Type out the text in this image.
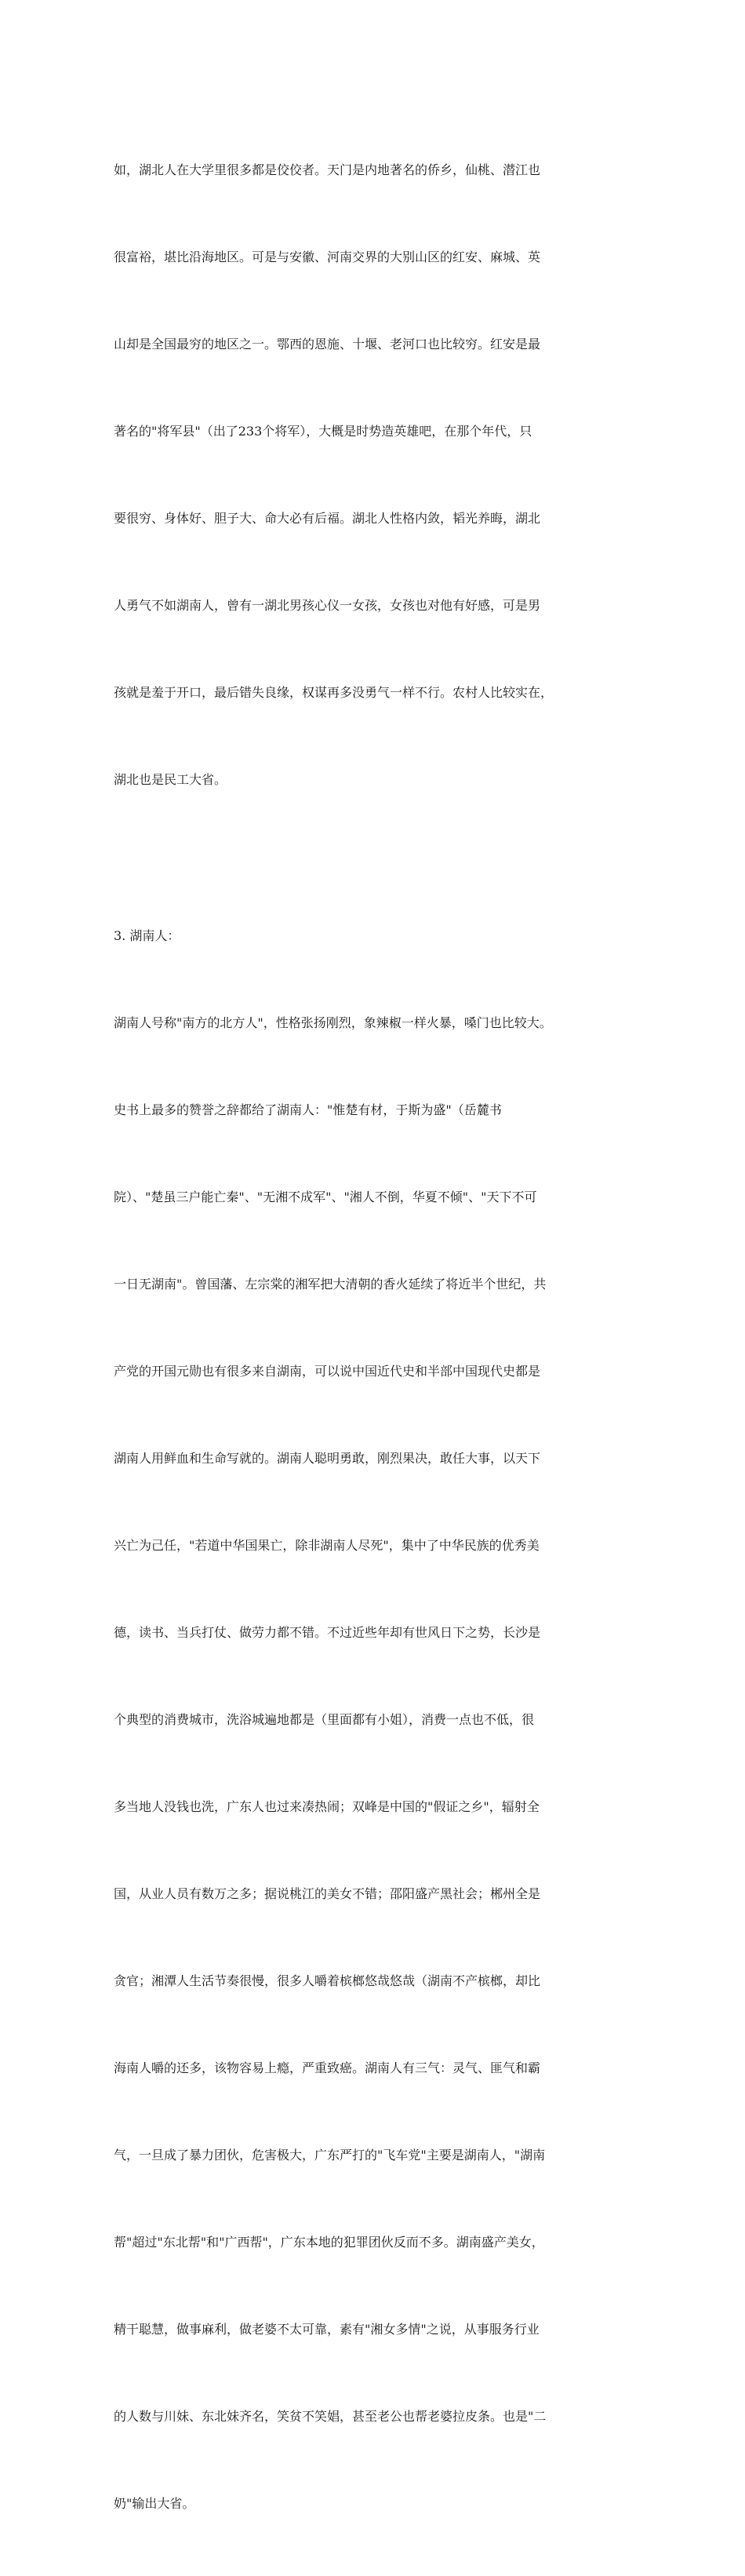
如，湖北人在大学里很多都是佼佼者。天门是内地著名的侨乡，仙桃、潜江也

很富裕，堪比沿海地区。可是与安徽、河南交界的大别山区的红安、麻城、英

山却是全国最穷的地区之一。鄂西的恩施、十堰、老河口也比较穷。红安是最

著名的"将军县"（出了233个将军），大概是时势造英雄吧，在那个年代，只

要很穷、身体好、胆子大、命大必有后福。湖北人性格内敛，韬光养晦，湖北

人勇气不如湖南人，曾有一湖北男孩心仪一女孩，女孩也对他有好感，可是男

孩就是羞于开口，最后错失良缘，权谋再多没勇气一样不行。农村人比较实在，

湖北也是民工大省。

3. 湖南人：

湖南人号称"南方的北方人"，性格张扬刚烈，象辣椒一样火暴，嗓门也比较大。

史书上最多的赞誉之辞都给了湖南人："惟楚有材，于斯为盛"（岳麓书

院）、"楚虽三户能亡秦"、"无湘不成军"、"湘人不倒，华夏不倾"、"天下不可

一日无湖南"。曾国藩、左宗棠的湘军把大清朝的香火延续了将近半个世纪，共

产党的开国元勋也有很多来自湖南，可以说中国近代史和半部中国现代史都是

湖南人用鲜血和生命写就的。湖南人聪明勇敢，刚烈果决，敢任大事，以天下

兴亡为己任，"若道中华国果亡，除非湖南人尽死"，集中了中华民族的优秀美

德，读书、当兵打仗、做劳力都不错。不过近些年却有世风日下之势，长沙是

个典型的消费城市，洗浴城遍地都是（里面都有小姐），消费一点也不低，很

多当地人没钱也洗，广东人也过来凑热闹；双峰是中国的"假证之乡"，辐射全

国，从业人员有数万之多；据说桃江的美女不错；邵阳盛产黑社会；郴州全是

贪官；湘潭人生活节奏很慢，很多人嚼着槟榔悠哉悠哉（湖南不产槟榔，却比

海南人嚼的还多，该物容易上瘾，严重致癌。湖南人有三气：灵气、匪气和霸

气，一旦成了暴力团伙，危害极大，广东严打的"飞车党"主要是湖南人，"湖南

帮"超过"东北帮"和"广西帮"，广东本地的犯罪团伙反而不多。湖南盛产美女，

精干聪慧，做事麻利，做老婆不太可靠，素有"湘女多情"之说，从事服务行业

的人数与川妹、东北妹齐名，笑贫不笑娼，甚至老公也帮老婆拉皮条。也是"二

奶"输出大省。
